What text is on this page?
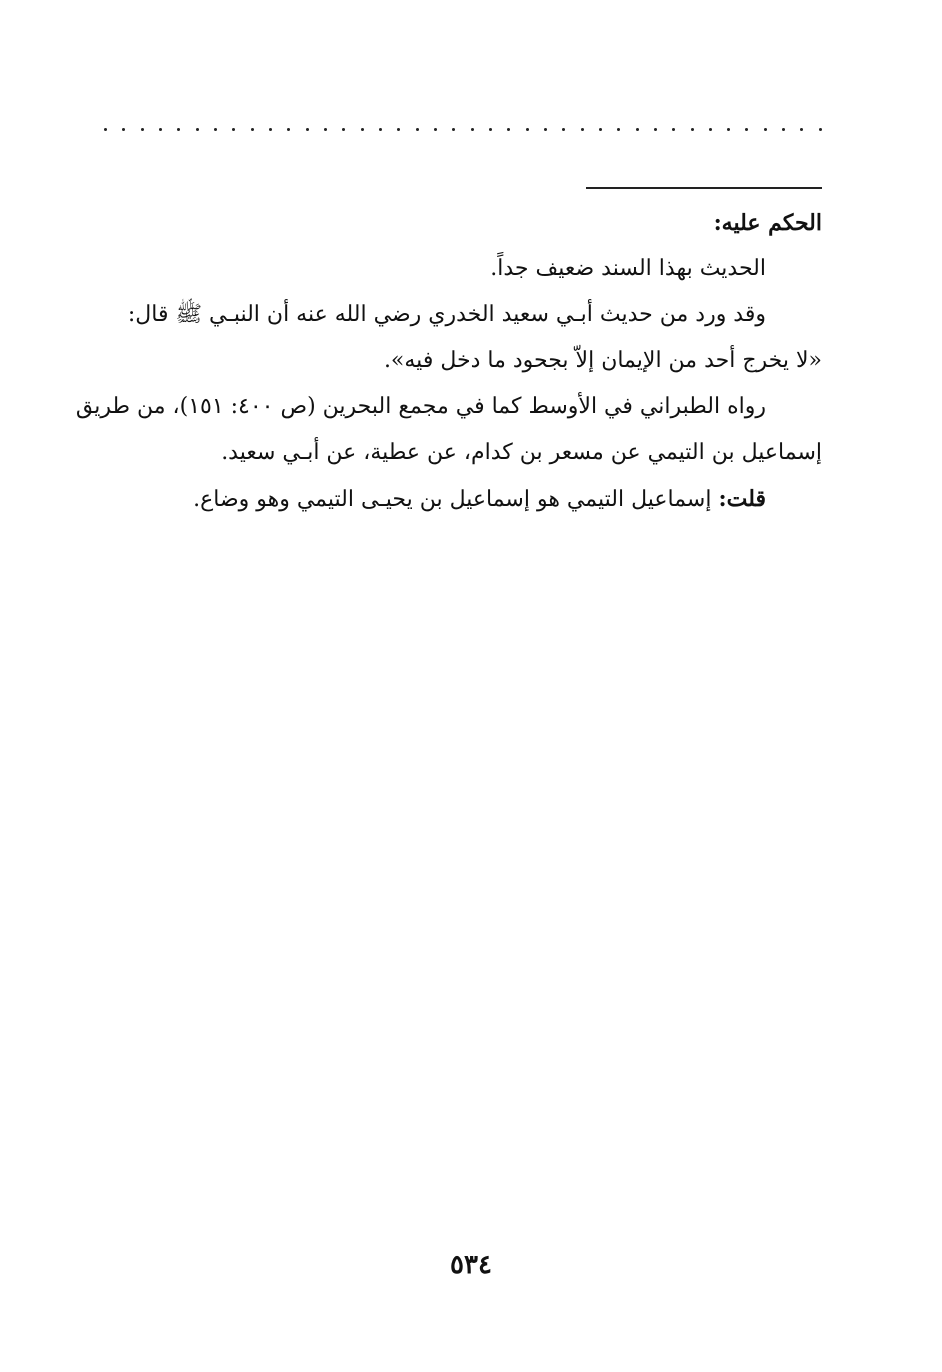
الحكم عليه:
الحديث بهذا السند ضعيف جداً.
وقد ورد من حديث أبـي سعيد الخدري رضي الله عنه أن النبـي ﷺ قال:
«لا يخرج أحد من الإيمان إلاّ بجحود ما دخل فيه».
رواه الطبراني في الأوسط كما في مجمع البحرين (ص ٤٠٠: ١٥١)، من طريق
إسماعيل بن التيمي عن مسعر بن كدام، عن عطية، عن أبـي سعيد.
قلت: إسماعيل التيمي هو إسماعيل بن يحيـى التيمي وهو وضاع.
٥٣٤
